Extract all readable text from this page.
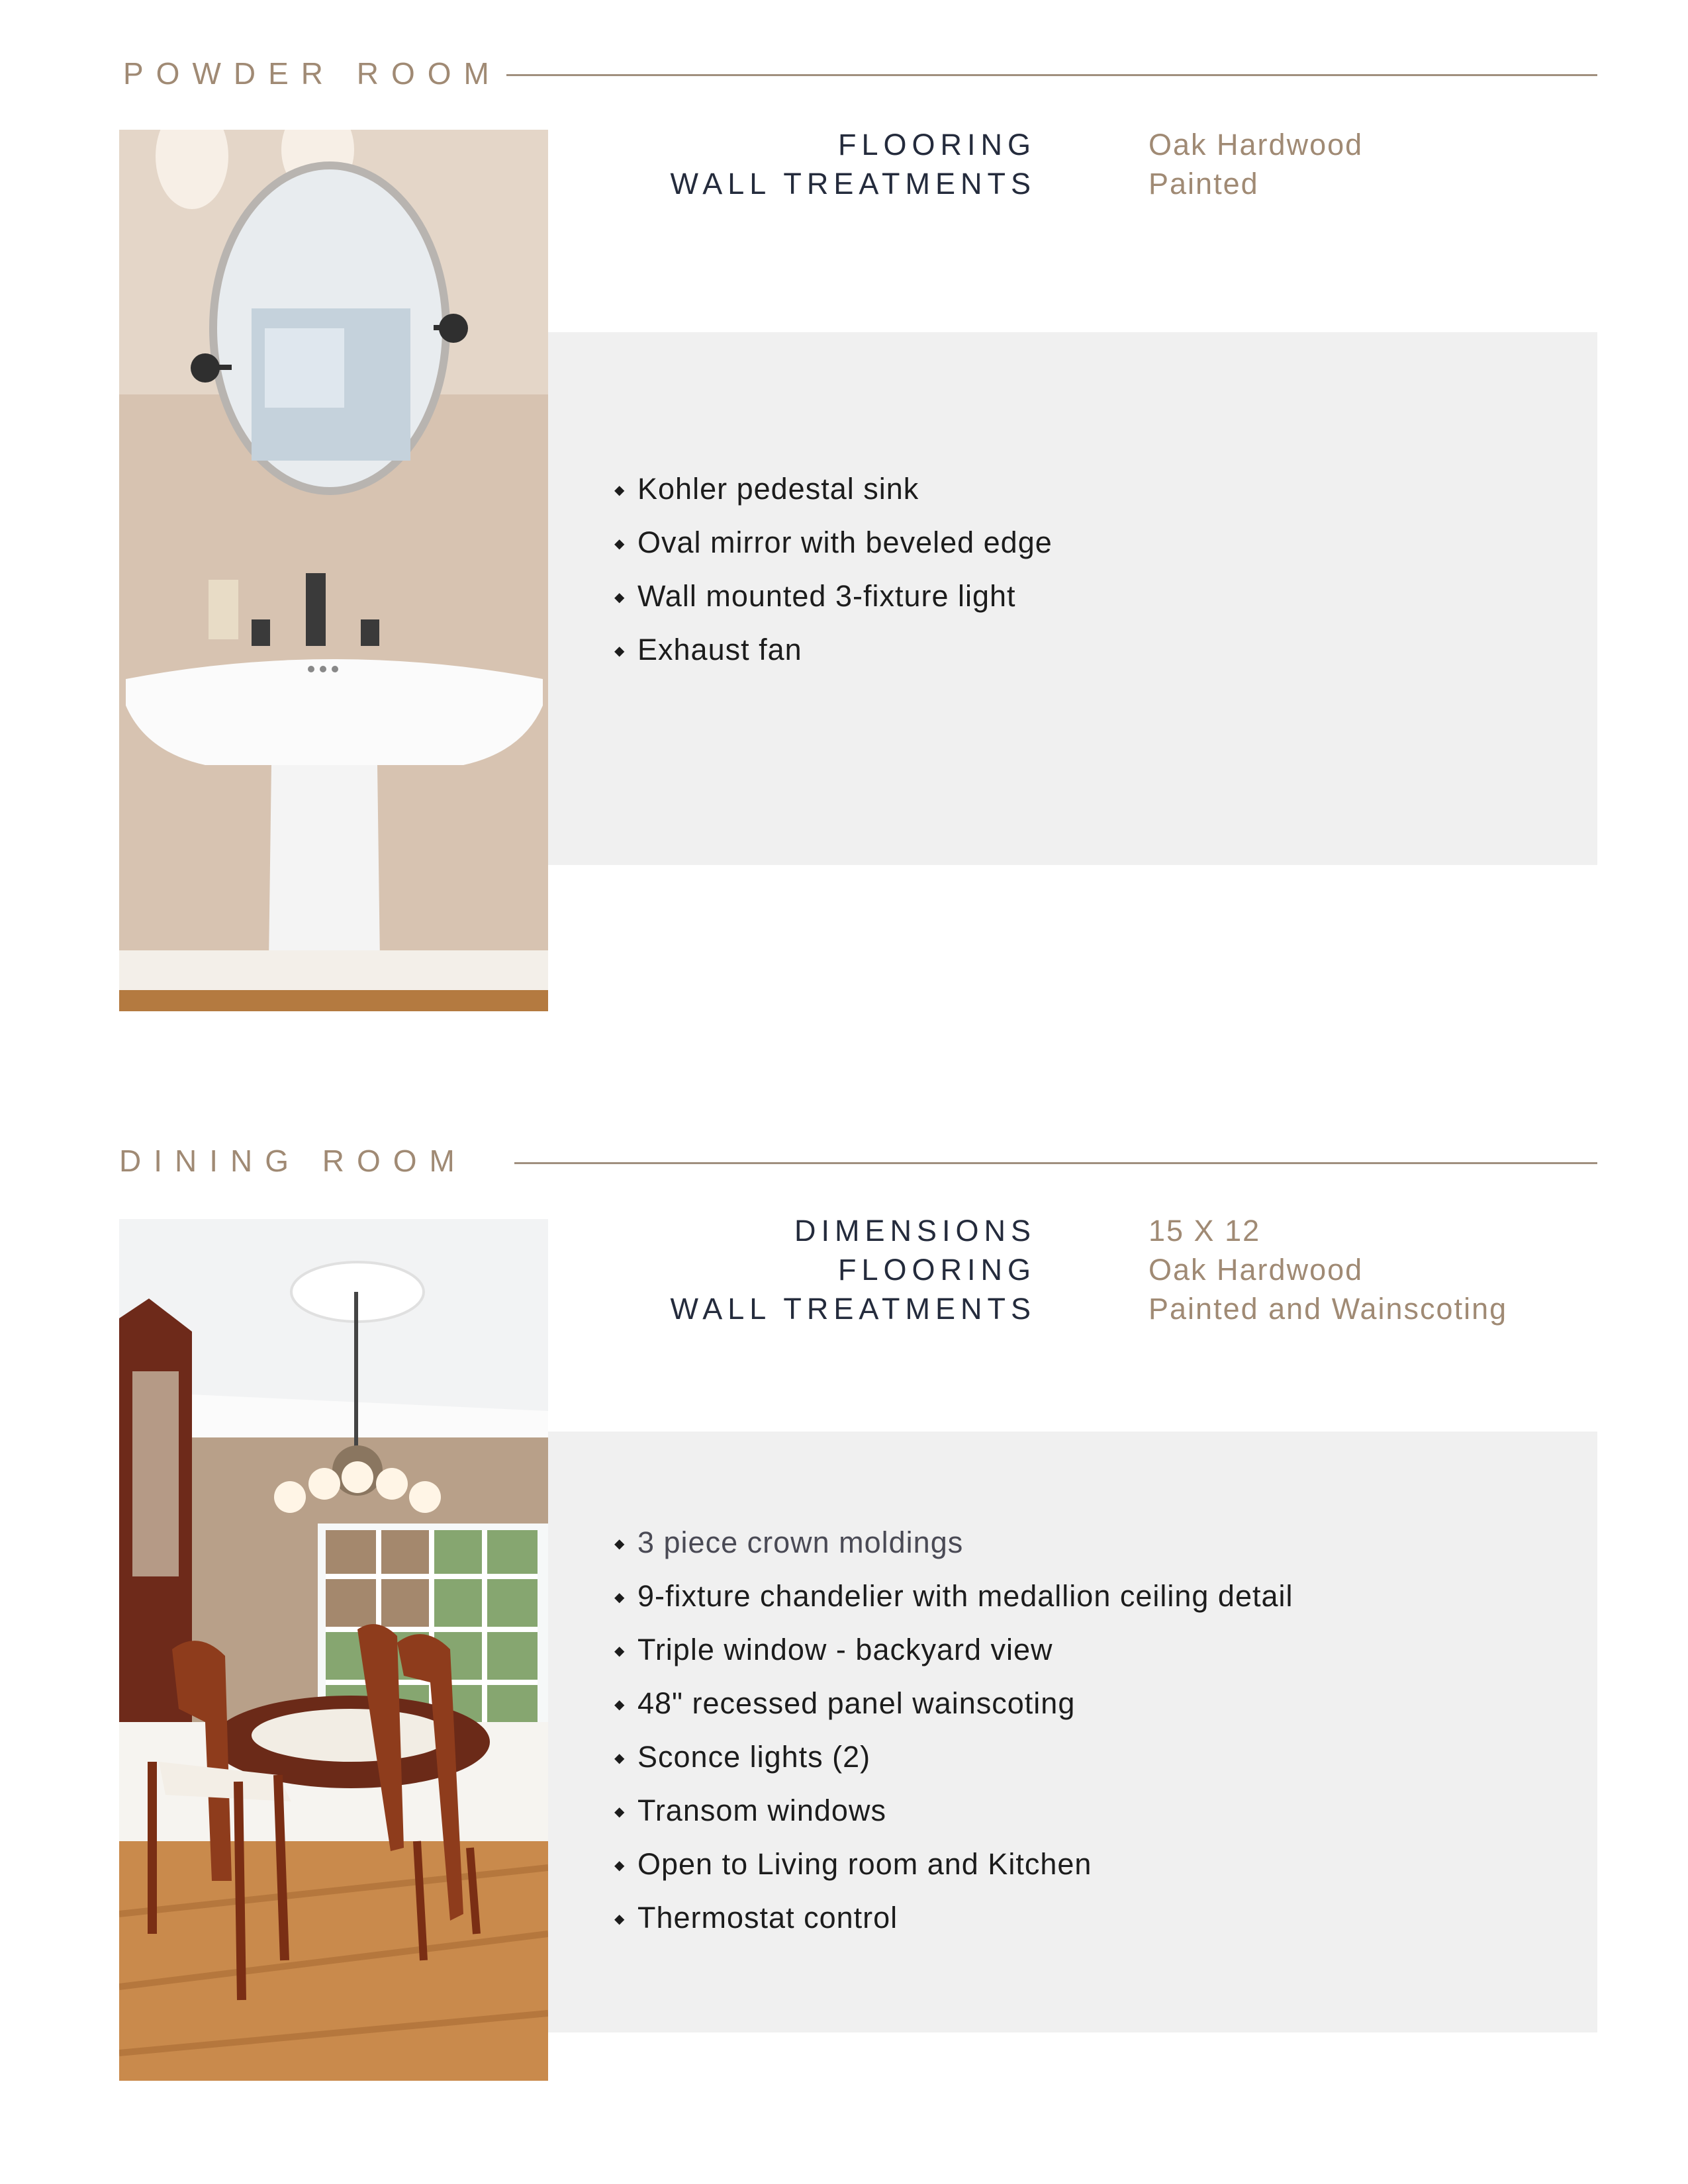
POWDER ROOM
FLOORING	Oak Hardwood
WALL TREATMENTS	Painted
◆ Kohler pedestal sink
◆ Oval mirror with beveled edge
◆ Wall mounted 3-fixture light
◆ Exhaust fan
DINING ROOM
DIMENSIONS	15 X 12
FLOORING	Oak Hardwood
WALL TREATMENTS	Painted and Wainscoting
◆ 3 piece crown moldings
◆ 9-fixture chandelier with medallion ceiling detail
◆ Triple window - backyard view
◆ 48" recessed panel wainscoting
◆ Sconce lights (2)
◆ Transom windows
◆ Open to Living room and Kitchen
◆ Thermostat control
